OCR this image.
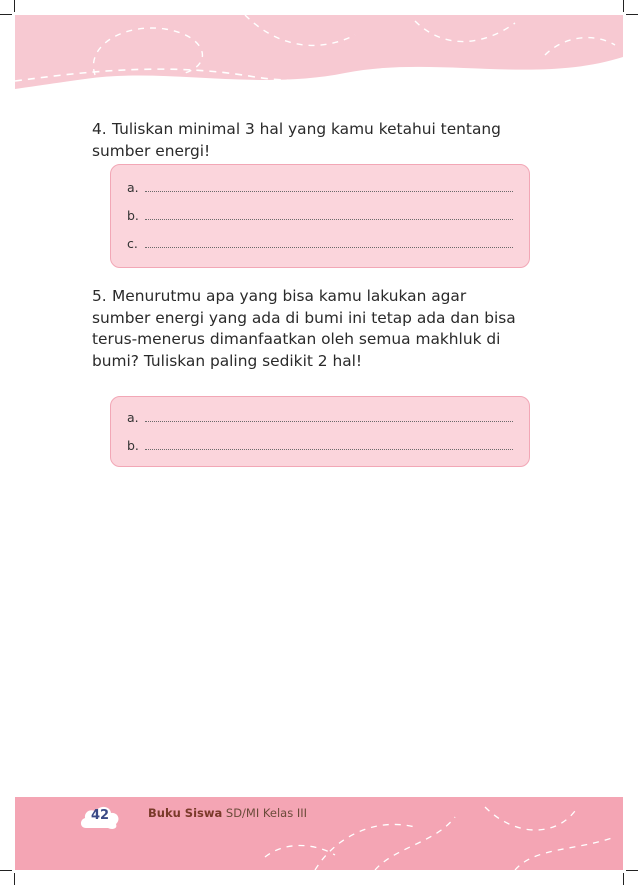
4. Tuliskan minimal 3 hal yang kamu ketahui tentang sumber energi!
a.
b.
c.
5. Menurutmu apa yang bisa kamu lakukan agar sumber energi yang ada di bumi ini tetap ada dan bisa terus-menerus dimanfaatkan oleh semua makhluk di bumi? Tuliskan paling sedikit 2 hal!
a.
b.
42	Buku Siswa SD/MI Kelas III
